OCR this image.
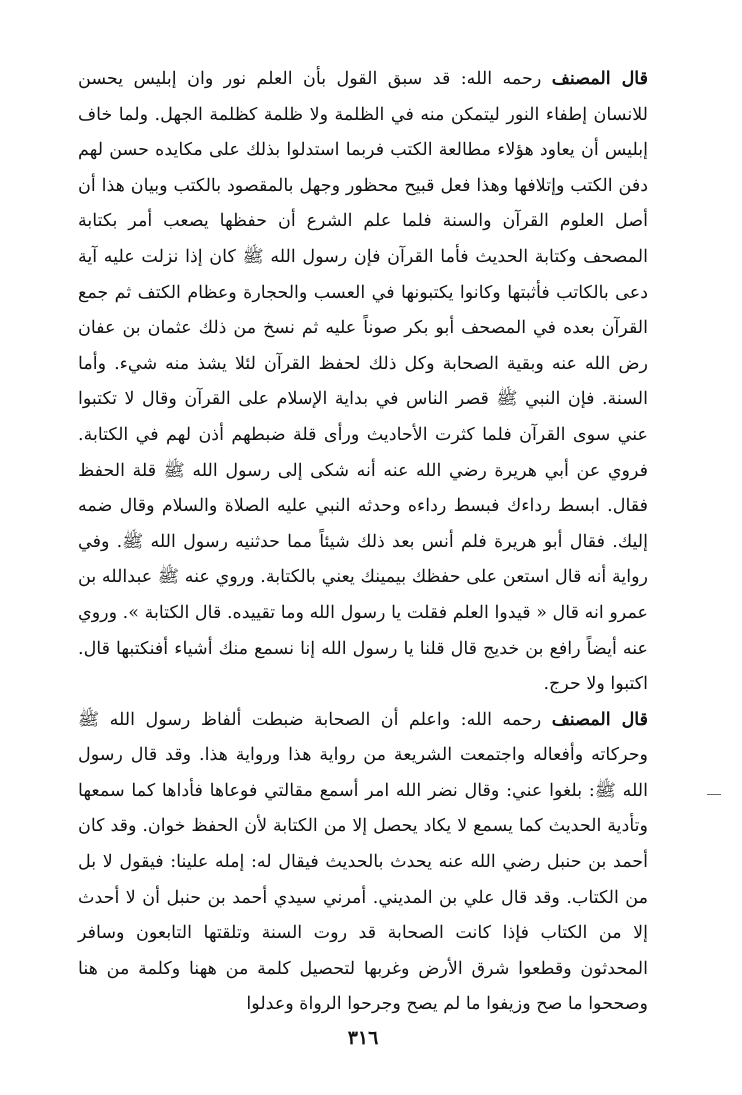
قال المصنف رحمه الله: قد سبق القول بأن العلم نور وان إبليس يحسن للانسان إطفاء النور ليتمكن منه في الظلمة ولا ظلمة كظلمة الجهل. ولما خاف إبليس أن يعاود هؤلاء مطالعة الكتب فربما استدلوا بذلك على مكايده حسن لهم دفن الكتب وإتلافها وهذا فعل قبيح محظور وجهل بالمقصود بالكتب وبيان هذا أن أصل العلوم القرآن والسنة فلما علم الشرع أن حفظها يصعب أمر بكتابة المصحف وكتابة الحديث فأما القرآن فإن رسول الله ﷺ كان إذا نزلت عليه آية دعى بالكاتب فأثبتها وكانوا يكتبونها في العسب والحجارة وعظام الكتف ثم جمع القرآن بعده في المصحف أبو بكر صوناً عليه ثم نسخ من ذلك عثمان بن عفان رض الله عنه وبقية الصحابة وكل ذلك لحفظ القرآن لئلا يشذ منه شيء. وأما السنة. فإن النبي ﷺ قصر الناس في بداية الإسلام على القرآن وقال لا تكتبوا عني سوى القرآن فلما كثرت الأحاديث ورأى قلة ضبطهم أذن لهم في الكتابة. فروي عن أبي هريرة رضي الله عنه أنه شكى إلى رسول الله ﷺ قلة الحفظ فقال. ابسط رداءك فبسط رداءه وحدثه النبي عليه الصلاة والسلام وقال ضمه إليك. فقال أبو هريرة فلم أنس بعد ذلك شيئاً مما حدثنيه رسول الله ﷺ. وفي رواية أنه قال استعن على حفظك بيمينك يعني بالكتابة. وروي عنه ﷺ عبدالله بن عمرو انه قال « قيدوا العلم فقلت يا رسول الله وما تقييده. قال الكتابة ». وروي عنه أيضاً رافع بن خديج قال قلنا يا رسول الله إنا نسمع منك أشياء أفنكتبها قال. اكتبوا ولا حرج.

قال المصنف رحمه الله: واعلم أن الصحابة ضبطت ألفاظ رسول الله ﷺ وحركاته وأفعاله واجتمعت الشريعة من رواية هذا ورواية هذا. وقد قال رسول الله ﷺ: بلغوا عني: وقال نضر الله امر أسمع مقالتي فوعاها فأداها كما سمعها وتأدية الحديث كما يسمع لا يكاد يحصل إلا من الكتابة لأن الحفظ خوان. وقد كان أحمد بن حنبل رضي الله عنه يحدث بالحديث فيقال له: إمله علينا: فيقول لا بل من الكتاب. وقد قال علي بن المديني. أمرني سيدي أحمد بن حنبل أن لا أحدث إلا من الكتاب فإذا كانت الصحابة قد روت السنة وتلقتها التابعون وسافر المحدثون وقطعوا شرق الأرض وغربها لتحصيل كلمة من ههنا وكلمة من هنا وصححوا ما صح وزيفوا ما لم يصح وجرحوا الرواة وعدلوا

٣١٦
